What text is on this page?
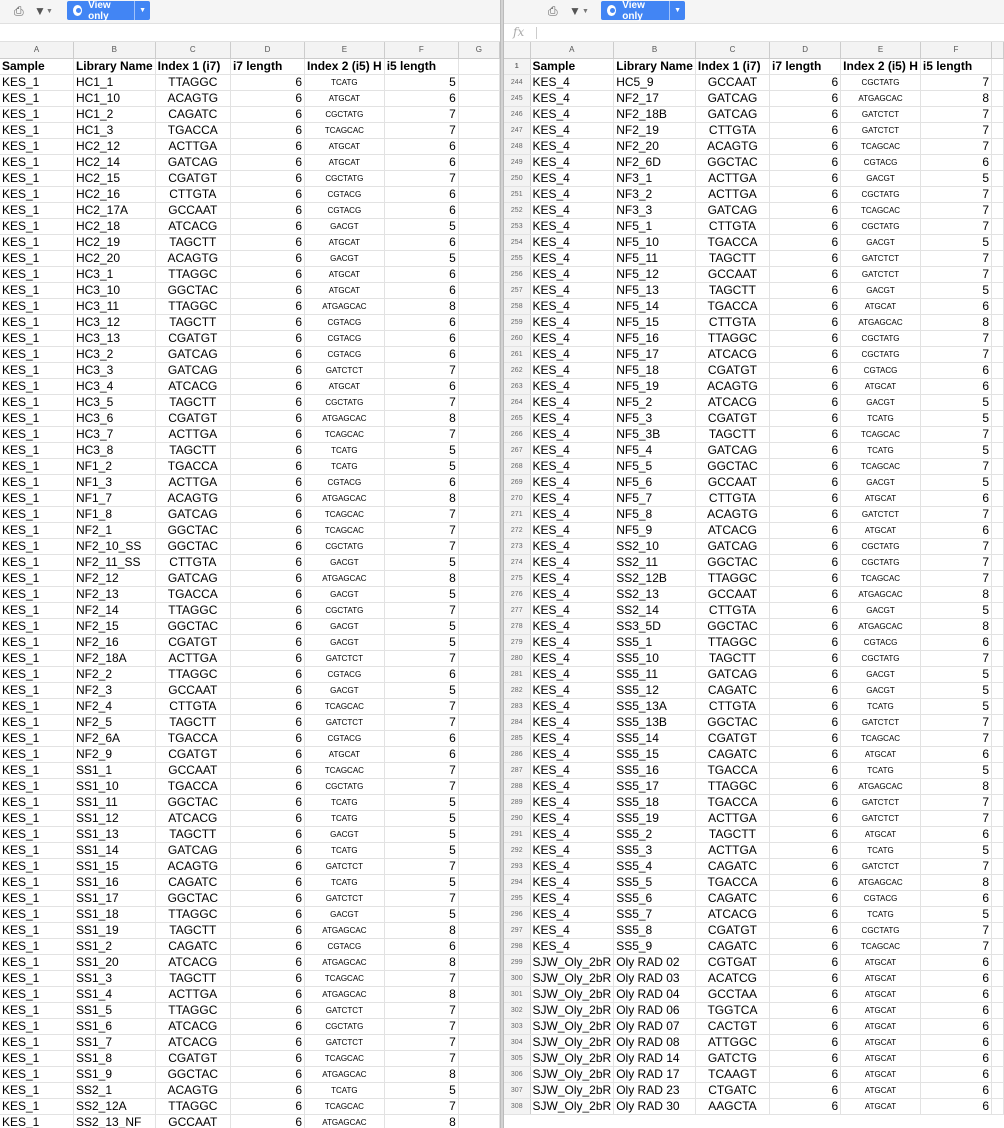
⎙ ▼ ▼
View only	▼
A	B	C	D	E	F	G
Sample	Library Name	Index 1 (i7)	i7 length	Index 2 (i5) H	i5 length	
KES_1	HC1_1	TTAGGC	6	TCATG	5	
KES_1	HC1_10	ACAGTG	6	ATGCAT	6	
KES_1	HC1_2	CAGATC	6	CGCTATG	7	
KES_1	HC1_3	TGACCA	6	TCAGCAC	7	
KES_1	HC2_12	ACTTGA	6	ATGCAT	6	
KES_1	HC2_14	GATCAG	6	ATGCAT	6	
KES_1	HC2_15	CGATGT	6	CGCTATG	7	
KES_1	HC2_16	CTTGTA	6	CGTACG	6	
KES_1	HC2_17A	GCCAAT	6	CGTACG	6	
KES_1	HC2_18	ATCACG	6	GACGT	5	
KES_1	HC2_19	TAGCTT	6	ATGCAT	6	
KES_1	HC2_20	ACAGTG	6	GACGT	5	
KES_1	HC3_1	TTAGGC	6	ATGCAT	6	
KES_1	HC3_10	GGCTAC	6	ATGCAT	6	
KES_1	HC3_11	TTAGGC	6	ATGAGCAC	8	
KES_1	HC3_12	TAGCTT	6	CGTACG	6	
KES_1	HC3_13	CGATGT	6	CGTACG	6	
KES_1	HC3_2	GATCAG	6	CGTACG	6	
KES_1	HC3_3	GATCAG	6	GATCTCT	7	
KES_1	HC3_4	ATCACG	6	ATGCAT	6	
KES_1	HC3_5	TAGCTT	6	CGCTATG	7	
KES_1	HC3_6	CGATGT	6	ATGAGCAC	8	
KES_1	HC3_7	ACTTGA	6	TCAGCAC	7	
KES_1	HC3_8	TAGCTT	6	TCATG	5	
KES_1	NF1_2	TGACCA	6	TCATG	5	
KES_1	NF1_3	ACTTGA	6	CGTACG	6	
KES_1	NF1_7	ACAGTG	6	ATGAGCAC	8	
KES_1	NF1_8	GATCAG	6	TCAGCAC	7	
KES_1	NF2_1	GGCTAC	6	TCAGCAC	7	
KES_1	NF2_10_SS	GGCTAC	6	CGCTATG	7	
KES_1	NF2_11_SS	CTTGTA	6	GACGT	5	
KES_1	NF2_12	GATCAG	6	ATGAGCAC	8	
KES_1	NF2_13	TGACCA	6	GACGT	5	
KES_1	NF2_14	TTAGGC	6	CGCTATG	7	
KES_1	NF2_15	GGCTAC	6	GACGT	5	
KES_1	NF2_16	CGATGT	6	GACGT	5	
KES_1	NF2_18A	ACTTGA	6	GATCTCT	7	
KES_1	NF2_2	TTAGGC	6	CGTACG	6	
KES_1	NF2_3	GCCAAT	6	GACGT	5	
KES_1	NF2_4	CTTGTA	6	TCAGCAC	7	
KES_1	NF2_5	TAGCTT	6	GATCTCT	7	
KES_1	NF2_6A	TGACCA	6	CGTACG	6	
KES_1	NF2_9	CGATGT	6	ATGCAT	6	
KES_1	SS1_1	GCCAAT	6	TCAGCAC	7	
KES_1	SS1_10	TGACCA	6	CGCTATG	7	
KES_1	SS1_11	GGCTAC	6	TCATG	5	
KES_1	SS1_12	ATCACG	6	TCATG	5	
KES_1	SS1_13	TAGCTT	6	GACGT	5	
KES_1	SS1_14	GATCAG	6	TCATG	5	
KES_1	SS1_15	ACAGTG	6	GATCTCT	7	
KES_1	SS1_16	CAGATC	6	TCATG	5	
KES_1	SS1_17	GGCTAC	6	GATCTCT	7	
KES_1	SS1_18	TTAGGC	6	GACGT	5	
KES_1	SS1_19	TAGCTT	6	ATGAGCAC	8	
KES_1	SS1_2	CAGATC	6	CGTACG	6	
KES_1	SS1_20	ATCACG	6	ATGAGCAC	8	
KES_1	SS1_3	TAGCTT	6	TCAGCAC	7	
KES_1	SS1_4	ACTTGA	6	ATGAGCAC	8	
KES_1	SS1_5	TTAGGC	6	GATCTCT	7	
KES_1	SS1_6	ATCACG	6	CGCTATG	7	
KES_1	SS1_7	ATCACG	6	GATCTCT	7	
KES_1	SS1_8	CGATGT	6	TCAGCAC	7	
KES_1	SS1_9	GGCTAC	6	ATGAGCAC	8	
KES_1	SS2_1	ACAGTG	6	TCATG	5	
KES_1	SS2_12A	TTAGGC	6	TCAGCAC	7	
KES_1	SS2_13_NF	GCCAAT	6	ATGAGCAC	8	
⎙ ▼ ▼
View only	▼
fx
	A	B	C	D	E	F	
1	Sample	Library Name	Index 1 (i7)	i7 length	Index 2 (i5) H	i5 length	
244	KES_4	HC5_9	GCCAAT	6	CGCTATG	7	
245	KES_4	NF2_17	GATCAG	6	ATGAGCAC	8	
246	KES_4	NF2_18B	GATCAG	6	GATCTCT	7	
247	KES_4	NF2_19	CTTGTA	6	GATCTCT	7	
248	KES_4	NF2_20	ACAGTG	6	TCAGCAC	7	
249	KES_4	NF2_6D	GGCTAC	6	CGTACG	6	
250	KES_4	NF3_1	ACTTGA	6	GACGT	5	
251	KES_4	NF3_2	ACTTGA	6	CGCTATG	7	
252	KES_4	NF3_3	GATCAG	6	TCAGCAC	7	
253	KES_4	NF5_1	CTTGTA	6	CGCTATG	7	
254	KES_4	NF5_10	TGACCA	6	GACGT	5	
255	KES_4	NF5_11	TAGCTT	6	GATCTCT	7	
256	KES_4	NF5_12	GCCAAT	6	GATCTCT	7	
257	KES_4	NF5_13	TAGCTT	6	GACGT	5	
258	KES_4	NF5_14	TGACCA	6	ATGCAT	6	
259	KES_4	NF5_15	CTTGTA	6	ATGAGCAC	8	
260	KES_4	NF5_16	TTAGGC	6	CGCTATG	7	
261	KES_4	NF5_17	ATCACG	6	CGCTATG	7	
262	KES_4	NF5_18	CGATGT	6	CGTACG	6	
263	KES_4	NF5_19	ACAGTG	6	ATGCAT	6	
264	KES_4	NF5_2	ATCACG	6	GACGT	5	
265	KES_4	NF5_3	CGATGT	6	TCATG	5	
266	KES_4	NF5_3B	TAGCTT	6	TCAGCAC	7	
267	KES_4	NF5_4	GATCAG	6	TCATG	5	
268	KES_4	NF5_5	GGCTAC	6	TCAGCAC	7	
269	KES_4	NF5_6	GCCAAT	6	GACGT	5	
270	KES_4	NF5_7	CTTGTA	6	ATGCAT	6	
271	KES_4	NF5_8	ACAGTG	6	GATCTCT	7	
272	KES_4	NF5_9	ATCACG	6	ATGCAT	6	
273	KES_4	SS2_10	GATCAG	6	CGCTATG	7	
274	KES_4	SS2_11	GGCTAC	6	CGCTATG	7	
275	KES_4	SS2_12B	TTAGGC	6	TCAGCAC	7	
276	KES_4	SS2_13	GCCAAT	6	ATGAGCAC	8	
277	KES_4	SS2_14	CTTGTA	6	GACGT	5	
278	KES_4	SS3_5D	GGCTAC	6	ATGAGCAC	8	
279	KES_4	SS5_1	TTAGGC	6	CGTACG	6	
280	KES_4	SS5_10	TAGCTT	6	CGCTATG	7	
281	KES_4	SS5_11	GATCAG	6	GACGT	5	
282	KES_4	SS5_12	CAGATC	6	GACGT	5	
283	KES_4	SS5_13A	CTTGTA	6	TCATG	5	
284	KES_4	SS5_13B	GGCTAC	6	GATCTCT	7	
285	KES_4	SS5_14	CGATGT	6	TCAGCAC	7	
286	KES_4	SS5_15	CAGATC	6	ATGCAT	6	
287	KES_4	SS5_16	TGACCA	6	TCATG	5	
288	KES_4	SS5_17	TTAGGC	6	ATGAGCAC	8	
289	KES_4	SS5_18	TGACCA	6	GATCTCT	7	
290	KES_4	SS5_19	ACTTGA	6	GATCTCT	7	
291	KES_4	SS5_2	TAGCTT	6	ATGCAT	6	
292	KES_4	SS5_3	ACTTGA	6	TCATG	5	
293	KES_4	SS5_4	CAGATC	6	GATCTCT	7	
294	KES_4	SS5_5	TGACCA	6	ATGAGCAC	8	
295	KES_4	SS5_6	CAGATC	6	CGTACG	6	
296	KES_4	SS5_7	ATCACG	6	TCATG	5	
297	KES_4	SS5_8	CGATGT	6	CGCTATG	7	
298	KES_4	SS5_9	CAGATC	6	TCAGCAC	7	
299	SJW_Oly_2bR	Oly RAD 02	CGTGAT	6	ATGCAT	6	
300	SJW_Oly_2bR	Oly RAD 03	ACATCG	6	ATGCAT	6	
301	SJW_Oly_2bR	Oly RAD 04	GCCTAA	6	ATGCAT	6	
302	SJW_Oly_2bR	Oly RAD 06	TGGTCA	6	ATGCAT	6	
303	SJW_Oly_2bR	Oly RAD 07	CACTGT	6	ATGCAT	6	
304	SJW_Oly_2bR	Oly RAD 08	ATTGGC	6	ATGCAT	6	
305	SJW_Oly_2bR	Oly RAD 14	GATCTG	6	ATGCAT	6	
306	SJW_Oly_2bR	Oly RAD 17	TCAAGT	6	ATGCAT	6	
307	SJW_Oly_2bR	Oly RAD 23	CTGATC	6	ATGCAT	6	
308	SJW_Oly_2bR	Oly RAD 30	AAGCTA	6	ATGCAT	6	
